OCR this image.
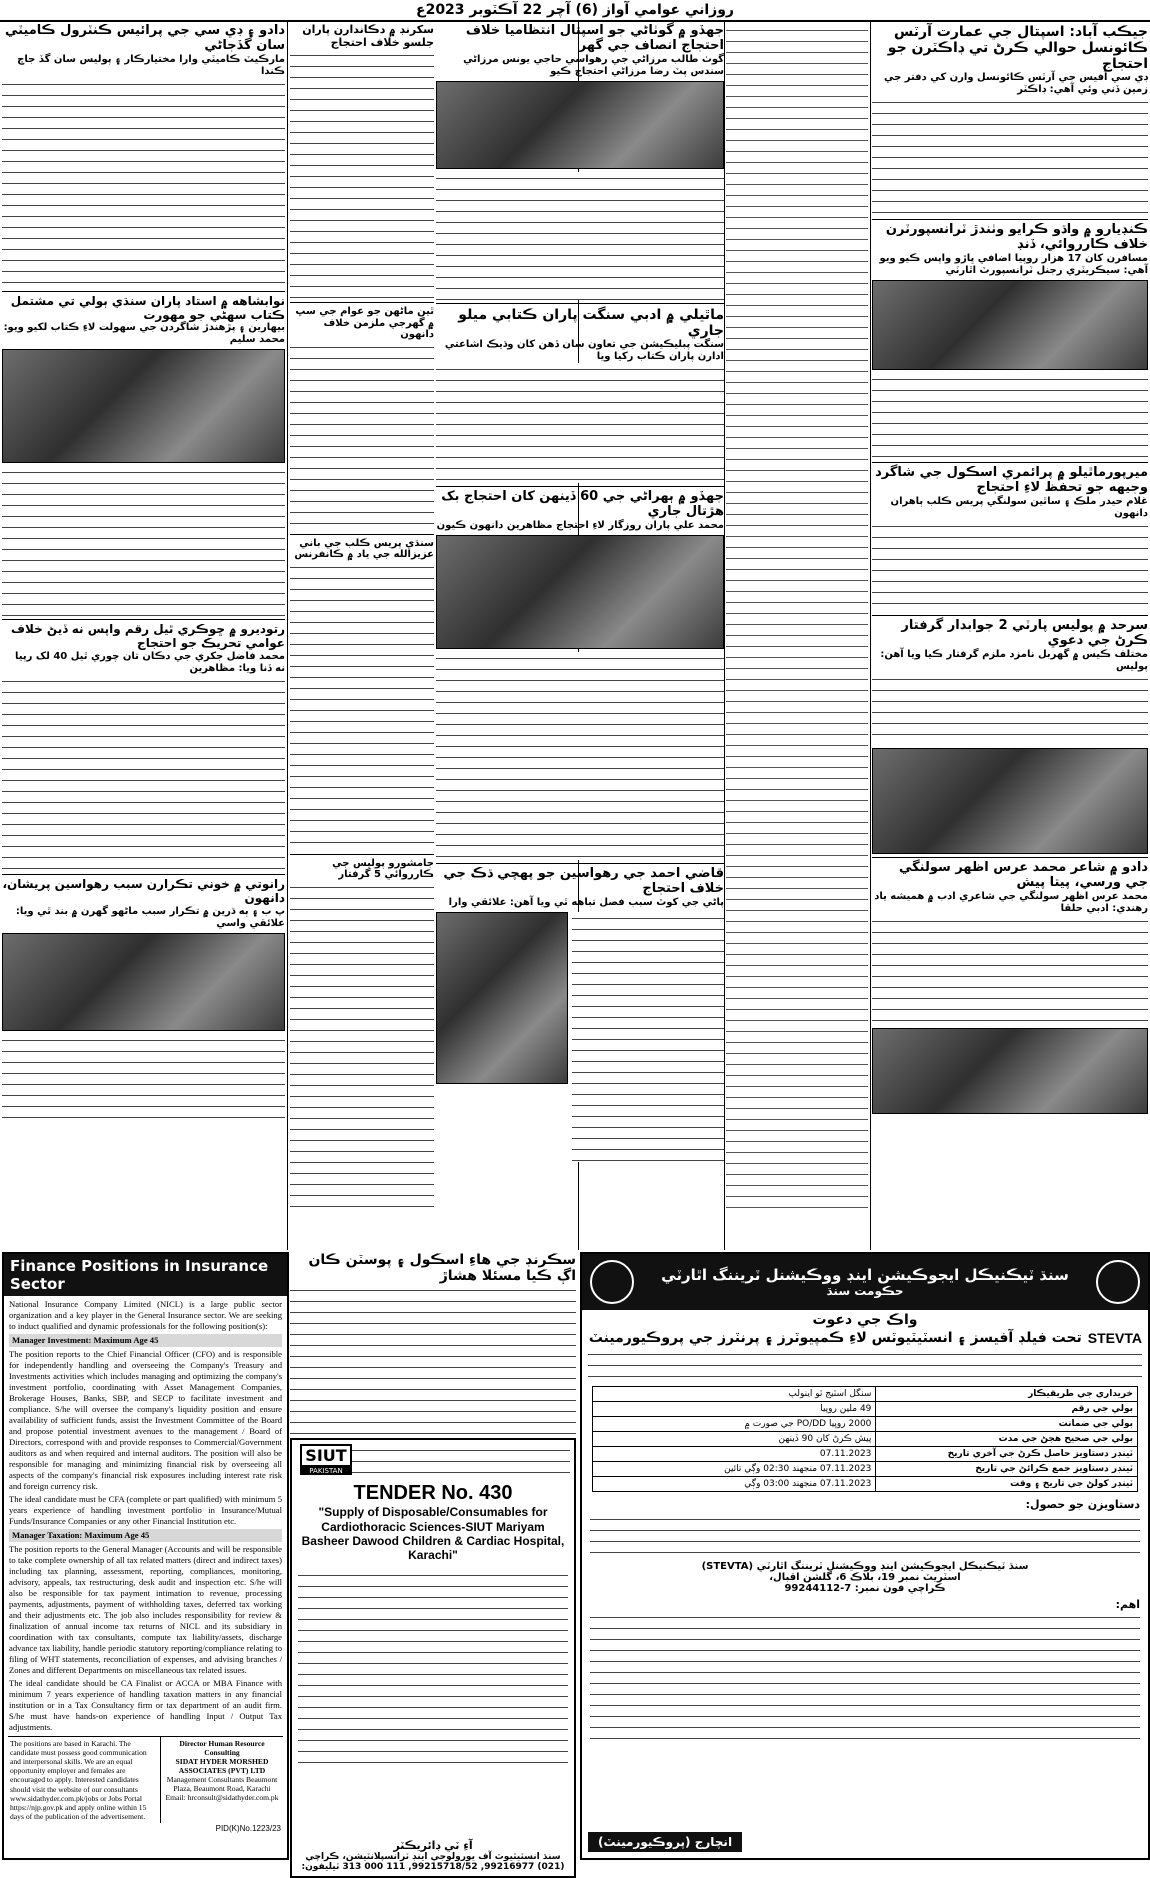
روزاني عوامي آواز (6) آچر 22 آڪٽوبر 2023ع
جيڪب آباد: اسپتال جي عمارت آرٽس ڪائونسل حوالي ڪرڻ تي ڊاڪٽرن جو احتجاج
ڊي سي آفيس جي آرٽس ڪائونسل وارن کي دفتر جي زمين ڏني وئي آهي: ڊاڪٽر
ڪنڊيارو ۾ واڌو ڪرايو وٺندڙ ٽرانسپورٽرن خلاف ڪارروائي، ڏنڊ
مسافرن کان 17 هزار روپيا اضافي ڀاڙو واپس ڪيو ويو آهي: سيڪريٽري رجنل ٽرانسپورٽ اٿارٽي
ميرپورماٿيلو ۾ پرائمري اسڪول جي شاگرد وجيهه جو تحفظ لاءِ احتجاج
غلام حيدر ملڪ ۽ ساٿين سولنگي پريس ڪلب ٻاهران دانهون
سرحد ۾ پوليس پارٽي 2 جوابدار گرفتار ڪرڻ جي دعوي
مختلف ڪيس ۾ گهربل نامزد ملزم گرفتار ڪيا ويا آهن: پوليس
دادو ۾ شاعر محمد عرس اظهر سولنگي جي ورسي، پيتا پيش
محمد عرس اظهر سولنگي جي شاعري ادب ۾ هميشه ياد رهندي: ادبي حلقا
جهڏو ۾ گوٺاڻي جو اسپتال انتظاميا خلاف احتجاج انصاف جي گهر
گوٺ طالب مرزاڻي جي رهواسي حاجي يونس مرزاڻي سندس پٽ رضا مرزاڻي احتجاج ڪيو
ماٿيلي ۾ ادبي سنگت پاران ڪتابي ميلو جاري
سنگت پبليڪيشن جي تعاون سان ڏهن کان وڌيڪ اشاعتي ادارن پاران ڪتاب رکيا ويا
جهڏو ۾ ٻهراڻي جي 60 ڏينهن کان احتجاج بک هڙتال جاري
محمد علي پاران روزگار لاءِ احتجاج مظاهرين دانهون ڪيون
قاضي احمد جي رهواسين جو پهچي ڌڪ جي خلاف احتجاج
پاڻي جي کوٽ سبب فصل تباهه ٿي ويا آهن: علائقي وارا
سکرنڊ ۾ دڪاندارن پاران جلسو خلاف احتجاج
ٿين ماڻهن جو عوام جي سڀ ۾ گهرجي ملزمن خلاف دانهون
سنڌي پريس ڪلب جي باني عزيزالله جي ياد ۾ ڪانفرنس
جامشورو پوليس جي ڪارروائي 5 گرفتار
دادو ۽ ڊي سي جي پرائيس ڪنٽرول ڪاميٽي سان گڏجاڻي
مارڪيٽ ڪاميٽي وارا مختيارڪار ۽ پوليس سان گڏ جاچ ڪندا
نوابشاهه ۾ استاد پاران سنڌي ٻولي تي مشتمل ڪتاب سهڻي جو مهورت
بيهارين ۽ پڙهندڙ شاگردن جي سهولت لاءِ ڪتاب لکيو ويو: محمد سليم
رتوديرو ۾ ڇوڪري ٿيل رقم واپس نه ڏيڻ خلاف عوامي تحريڪ جو احتجاج
محمد فاضل جکري جي دڪان تان چوري ٿيل 40 لک رپيا نه ڏنا ويا: مظاهرين
رانوتي ۾ خوني تڪرارن سبب رهواسين پريشان، دانهون
پ ب ۽ ٻه ڌرين ۾ تڪرار سبب ماڻهو گهرن ۾ بند ٿي ويا: علائقي واسي
Finance Positions in Insurance Sector
National Insurance Company Limited (NICL) is a large public sector organization and a key player in the General Insurance sector. We are seeking to induct qualified and dynamic professionals for the following position(s):
Manager Investment: Maximum Age 45
The position reports to the Chief Financial Officer (CFO) and is responsible for independently handling and overseeing the Company's Treasury and Investments activities which includes managing and optimizing the company's investment portfolio, coordinating with Asset Management Companies, Brokerage Houses, Banks, SBP, and SECP to facilitate investment and compliance. S/he will oversee the company's liquidity position and ensure availability of sufficient funds, assist the Investment Committee of the Board and propose potential investment avenues to the management / Board of Directors, correspond with and provide responses to Commercial/Government auditors as and when required and internal auditors. The position will also be responsible for managing and minimizing financial risk by overseeing all aspects of the company's financial risk exposures including interest rate risk and foreign currency risk.
The ideal candidate must be CFA (complete or part qualified) with minimum 5 years experience of handling investment portfolio in Insurance/Mutual Funds/Insurance Companies or any other Financial Institution etc.
Manager Taxation: Maximum Age 45
The position reports to the General Manager (Accounts and will be responsible to take complete ownership of all tax related matters (direct and indirect taxes) including tax planning, assessment, reporting, compliances, monitoring, advisory, appeals, tax restructuring, desk audit and inspection etc. S/he will also be responsible for tax payment intimation to revenue, processing payments, adjustments, payment of withholding taxes, deferred tax working and their adjustments etc. The job also includes responsibility for review & finalization of annual income tax returns of NICL and its subsidiary in coordination with tax consultants, compute tax liability/assets, discharge advance tax liability, handle periodic statutory reporting/compliance relating to filing of WHT statements, reconciliation of expenses, and advising branches / Zones and different Departments on miscellaneous tax related issues.
The ideal candidate should be CA Finalist or ACCA or MBA Finance with minimum 7 years experience of handling taxation matters in any financial institution or in a Tax Consultancy firm or tax department of an audit firm. S/he must have hands-on experience of handling Input / Output Tax adjustments.
The positions are based in Karachi. The candidate must possess good communication and interpersonal skills. We are an equal opportunity employer and females are encouraged to apply. Interested candidates should visit the website of our consultants www.sidathyder.com.pk/jobs or Jobs Portal https://njp.gov.pk and apply online within 15 days of the publication of the advertisement.
Director Human Resource Consulting
SIDAT HYDER MORSHED ASSOCIATES (PVT) LTD
Management Consultants Beaumont Plaza, Beaumont Road, Karachi
Email: hrconsult@sidathyder.com.pk
PID(K)No.1223/23
سڪرنڊ جي هاءِ اسڪول ۽ پوسٽن ڪان اڳ ڪيا مسئلا هشاڙ
SIUT
PAKISTAN
TENDER No. 430
"Supply of Disposable/Consumables for Cardiothoracic Sciences-SIUT Mariyam Basheer Dawood Children & Cardiac Hospital, Karachi"
آءِ ٽي ڊائريڪٽر
سنڌ انسٽيٽيوٽ آف يورولوجي اينڊ ٽرانسپلانٽيشن، ڪراچي
(021) 99216977, 99215718/52, 111 000 313 ٽيليفون:
سنڌ ٽيڪنيڪل ايجوڪيشن اينڊ ووڪيشنل ٽريننگ اٿارٽي
حڪومت سنڌ
واڪ جي دعوت
STEVTA
تحت فيلڊ آفيسز ۽ انسٽيٽيوٽس لاءِ ڪمپيوٽرز ۽ پرنٽرز جي پروڪيورمينٽ
خريداري جي طريقيڪار	سنگل اسٽيج ٽو اينولپ
بولي جي رقم	49 ملين روپيا
بولي جي ضمانت	2000 روپيا PO/DD جي صورت ۾
بولي جي صحيح هجڻ جي مدت	پيش ڪرڻ کان 90 ڏينهن
ٽينڊر دستاويز حاصل ڪرڻ جي آخري تاريخ	07.11.2023
ٽينڊر دستاويز جمع ڪرائڻ جي تاريخ	07.11.2023 منجهند 02:30 وڳي تائين
ٽينڊر کولڻ جي تاريخ ۽ وقت	07.11.2023 منجهند 03:00 وڳي
دستاويزن جو حصول:
سنڌ ٽيڪنيڪل ايجوڪيشن اينڊ ووڪيشنل ٽريننگ اٿارٽي (STEVTA)
اسٽريٽ نمبر 19، بلاڪ 6، گلشن اقبال،
ڪراچي فون نمبر: 7-99244112
اهم:
انچارج (پروڪيورمينٽ)
